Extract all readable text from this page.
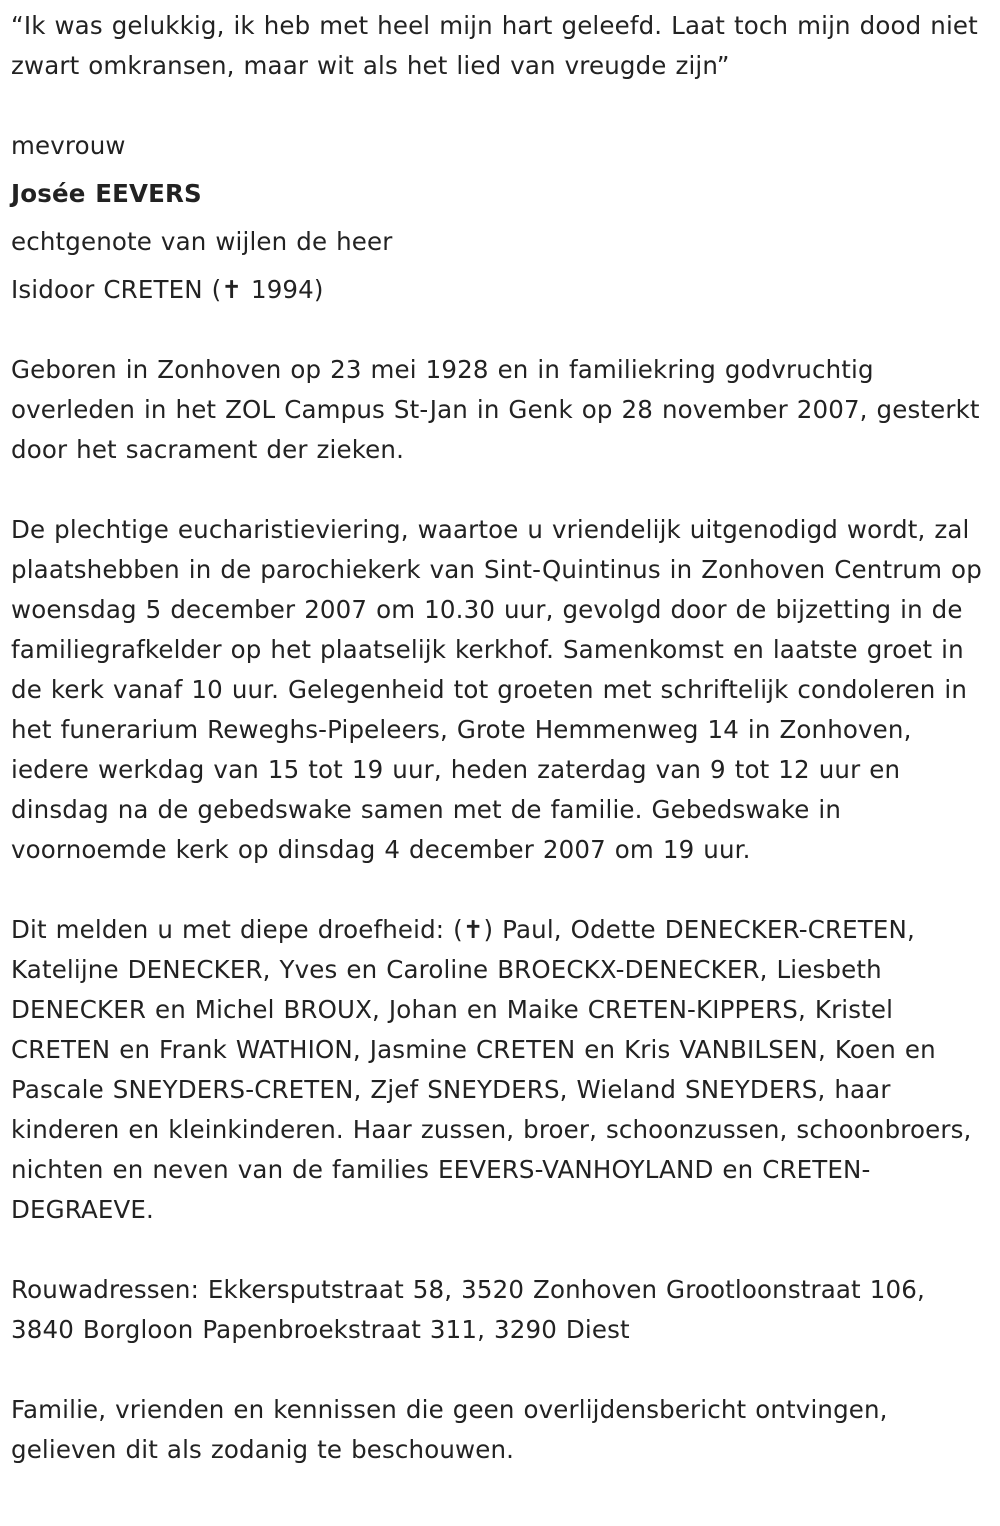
“Ik was gelukkig, ik heb met heel mijn hart geleefd. Laat toch mijn dood niet zwart omkransen, maar wit als het lied van vreugde zijn”

mevrouw

Josée EEVERS

echtgenote van wijlen de heer

Isidoor CRETEN (✝ 1994)

Geboren in Zonhoven op 23 mei 1928 en in familiekring godvruchtig overleden in het ZOL Campus St-Jan in Genk op 28 november 2007, gesterkt door het sacrament der zieken.

De plechtige eucharistieviering, waartoe u vriendelijk uitgenodigd wordt, zal plaatshebben in de parochiekerk van Sint-Quintinus in Zonhoven Centrum op woensdag 5 december 2007 om 10.30 uur, gevolgd door de bijzetting in de familiegrafkelder op het plaatselijk kerkhof. Samenkomst en laatste groet in de kerk vanaf 10 uur. Gelegenheid tot groeten met schriftelijk condoleren in het funerarium Reweghs-Pipeleers, Grote Hemmenweg 14 in Zonhoven, iedere werkdag van 15 tot 19 uur, heden zaterdag van 9 tot 12 uur en dinsdag na de gebedswake samen met de familie. Gebedswake in voornoemde kerk op dinsdag 4 december 2007 om 19 uur.

Dit melden u met diepe droefheid: (✝) Paul, Odette DENECKER-CRETEN, Katelijne DENECKER, Yves en Caroline BROECKX-DENECKER, Liesbeth DENECKER en Michel BROUX, Johan en Maike CRETEN-KIPPERS, Kristel CRETEN en Frank WATHION, Jasmine CRETEN en Kris VANBILSEN, Koen en Pascale SNEYDERS-CRETEN, Zjef SNEYDERS, Wieland SNEYDERS, haar kinderen en kleinkinderen. Haar zussen, broer, schoonzussen, schoonbroers, nichten en neven van de families EEVERS-VANHOYLAND en CRETEN-DEGRAEVE.

Rouwadressen: Ekkersputstraat 58, 3520 Zonhoven Grootloonstraat 106, 3840 Borgloon Papenbroekstraat 311, 3290 Diest

Familie, vrienden en kennissen die geen overlijdensbericht ontvingen, gelieven dit als zodanig te beschouwen.
